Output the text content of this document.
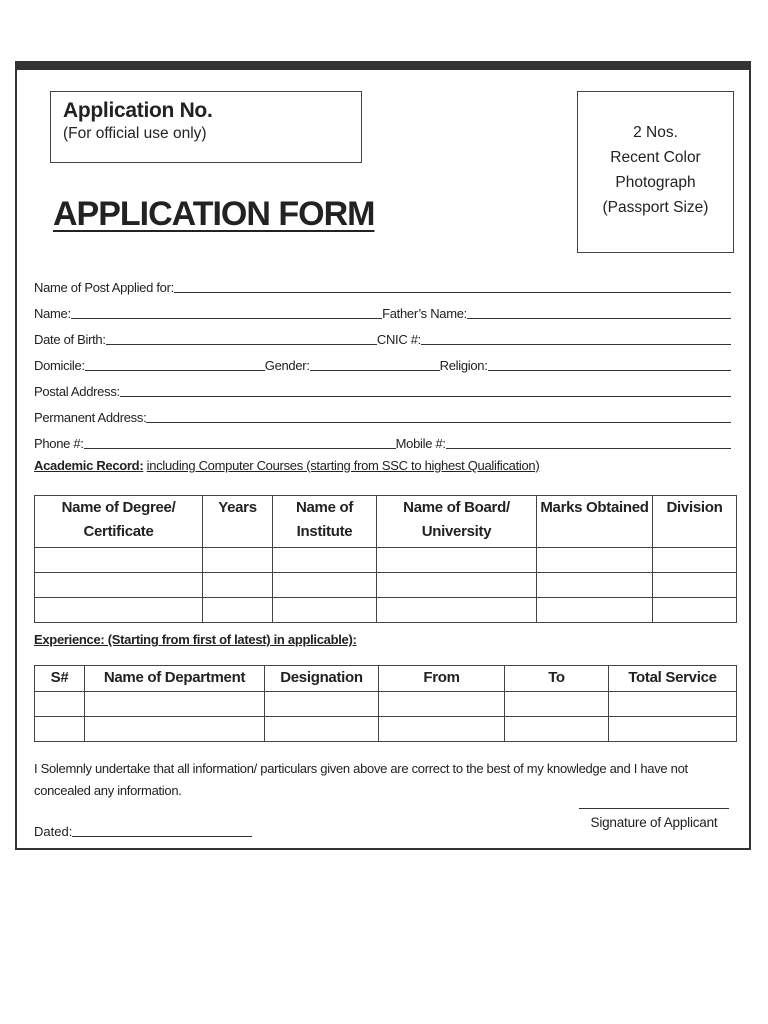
Application No.
(For official use only)	2 Nos.
Recent Color
Photograph
(Passport Size)
APPLICATION FORM
Name of Post Applied for:
Name:	Father’s Name:
Date of Birth:	CNIC #:
Domicile:	Gender:	Religion:
Postal Address:
Permanent Address:
Phone #:	Mobile #:
Academic Record: including Computer Courses (starting from SSC to highest Qualification)
Name of Degree/ Certificate	Years	Name of Institute	Name of Board/ University	Marks Obtained	Division

Experience: (Starting from first of latest) in applicable):
S#	Name of Department	Designation	From	To	Total Service

I Solemnly undertake that all information/ particulars given above are correct to the best of my knowledge and I have not concealed any information.
Dated:
Signature of Applicant
